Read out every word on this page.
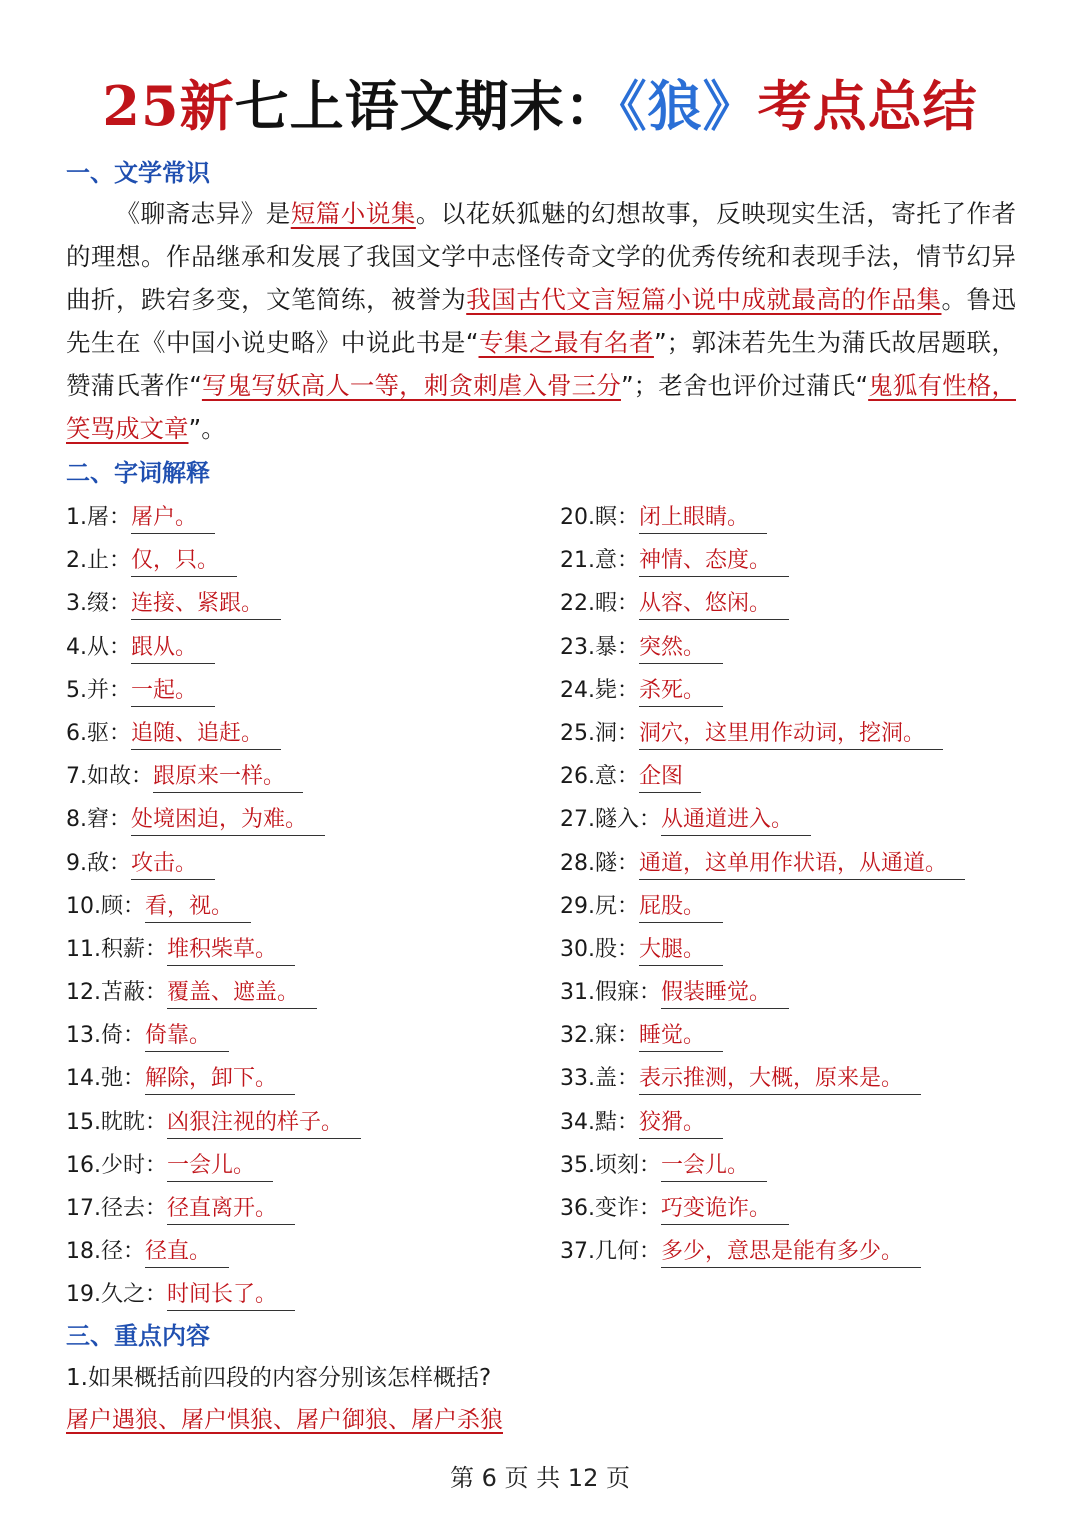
25新七上语文期末：《狼》考点总结
一、文学常识
《聊斋志异》是短篇小说集。以花妖狐魅的幻想故事，反映现实生活，寄托了作者的理想。作品继承和发展了我国文学中志怪传奇文学的优秀传统和表现手法，情节幻异曲折，跌宕多变，文笔简练，被誉为我国古代文言短篇小说中成就最高的作品集。鲁迅先生在《中国小说史略》中说此书是“专集之最有名者”；郭沫若先生为蒲氏故居题联，赞蒲氏著作“写鬼写妖高人一等，刺贪刺虐入骨三分”；老舍也评价过蒲氏“鬼狐有性格，笑骂成文章”。
二、字词解释
1.屠：屠户。
2.止：仅，只。
3.缀：连接、紧跟。
4.从：跟从。
5.并：一起。
6.驱：追随、追赶。
7.如故：跟原来一样。
8.窘：处境困迫，为难。
9.敌：攻击。
10.顾：看，视。
11.积薪：堆积柴草。
12.苫蔽：覆盖、遮盖。
13.倚：倚靠。
14.弛：解除，卸下。
15.眈眈：凶狠注视的样子。
16.少时：一会儿。
17.径去：径直离开。
18.径：径直。
19.久之：时间长了。
20.瞑：闭上眼睛。
21.意：神情、态度。
22.暇：从容、悠闲。
23.暴：突然。
24.毙：杀死。
25.洞：洞穴，这里用作动词，挖洞。
26.意：企图
27.隧入：从通道进入。
28.隧：通道，这单用作状语，从通道。
29.尻：屁股。
30.股：大腿。
31.假寐：假装睡觉。
32.寐：睡觉。
33.盖：表示推测，大概，原来是。
34.黠：狡猾。
35.顷刻：一会儿。
36.变诈：巧变诡诈。
37.几何：多少，意思是能有多少。
三、重点内容
1.如果概括前四段的内容分别该怎样概括?
屠户遇狼、屠户惧狼、屠户御狼、屠户杀狼
第 6 页 共 12 页
